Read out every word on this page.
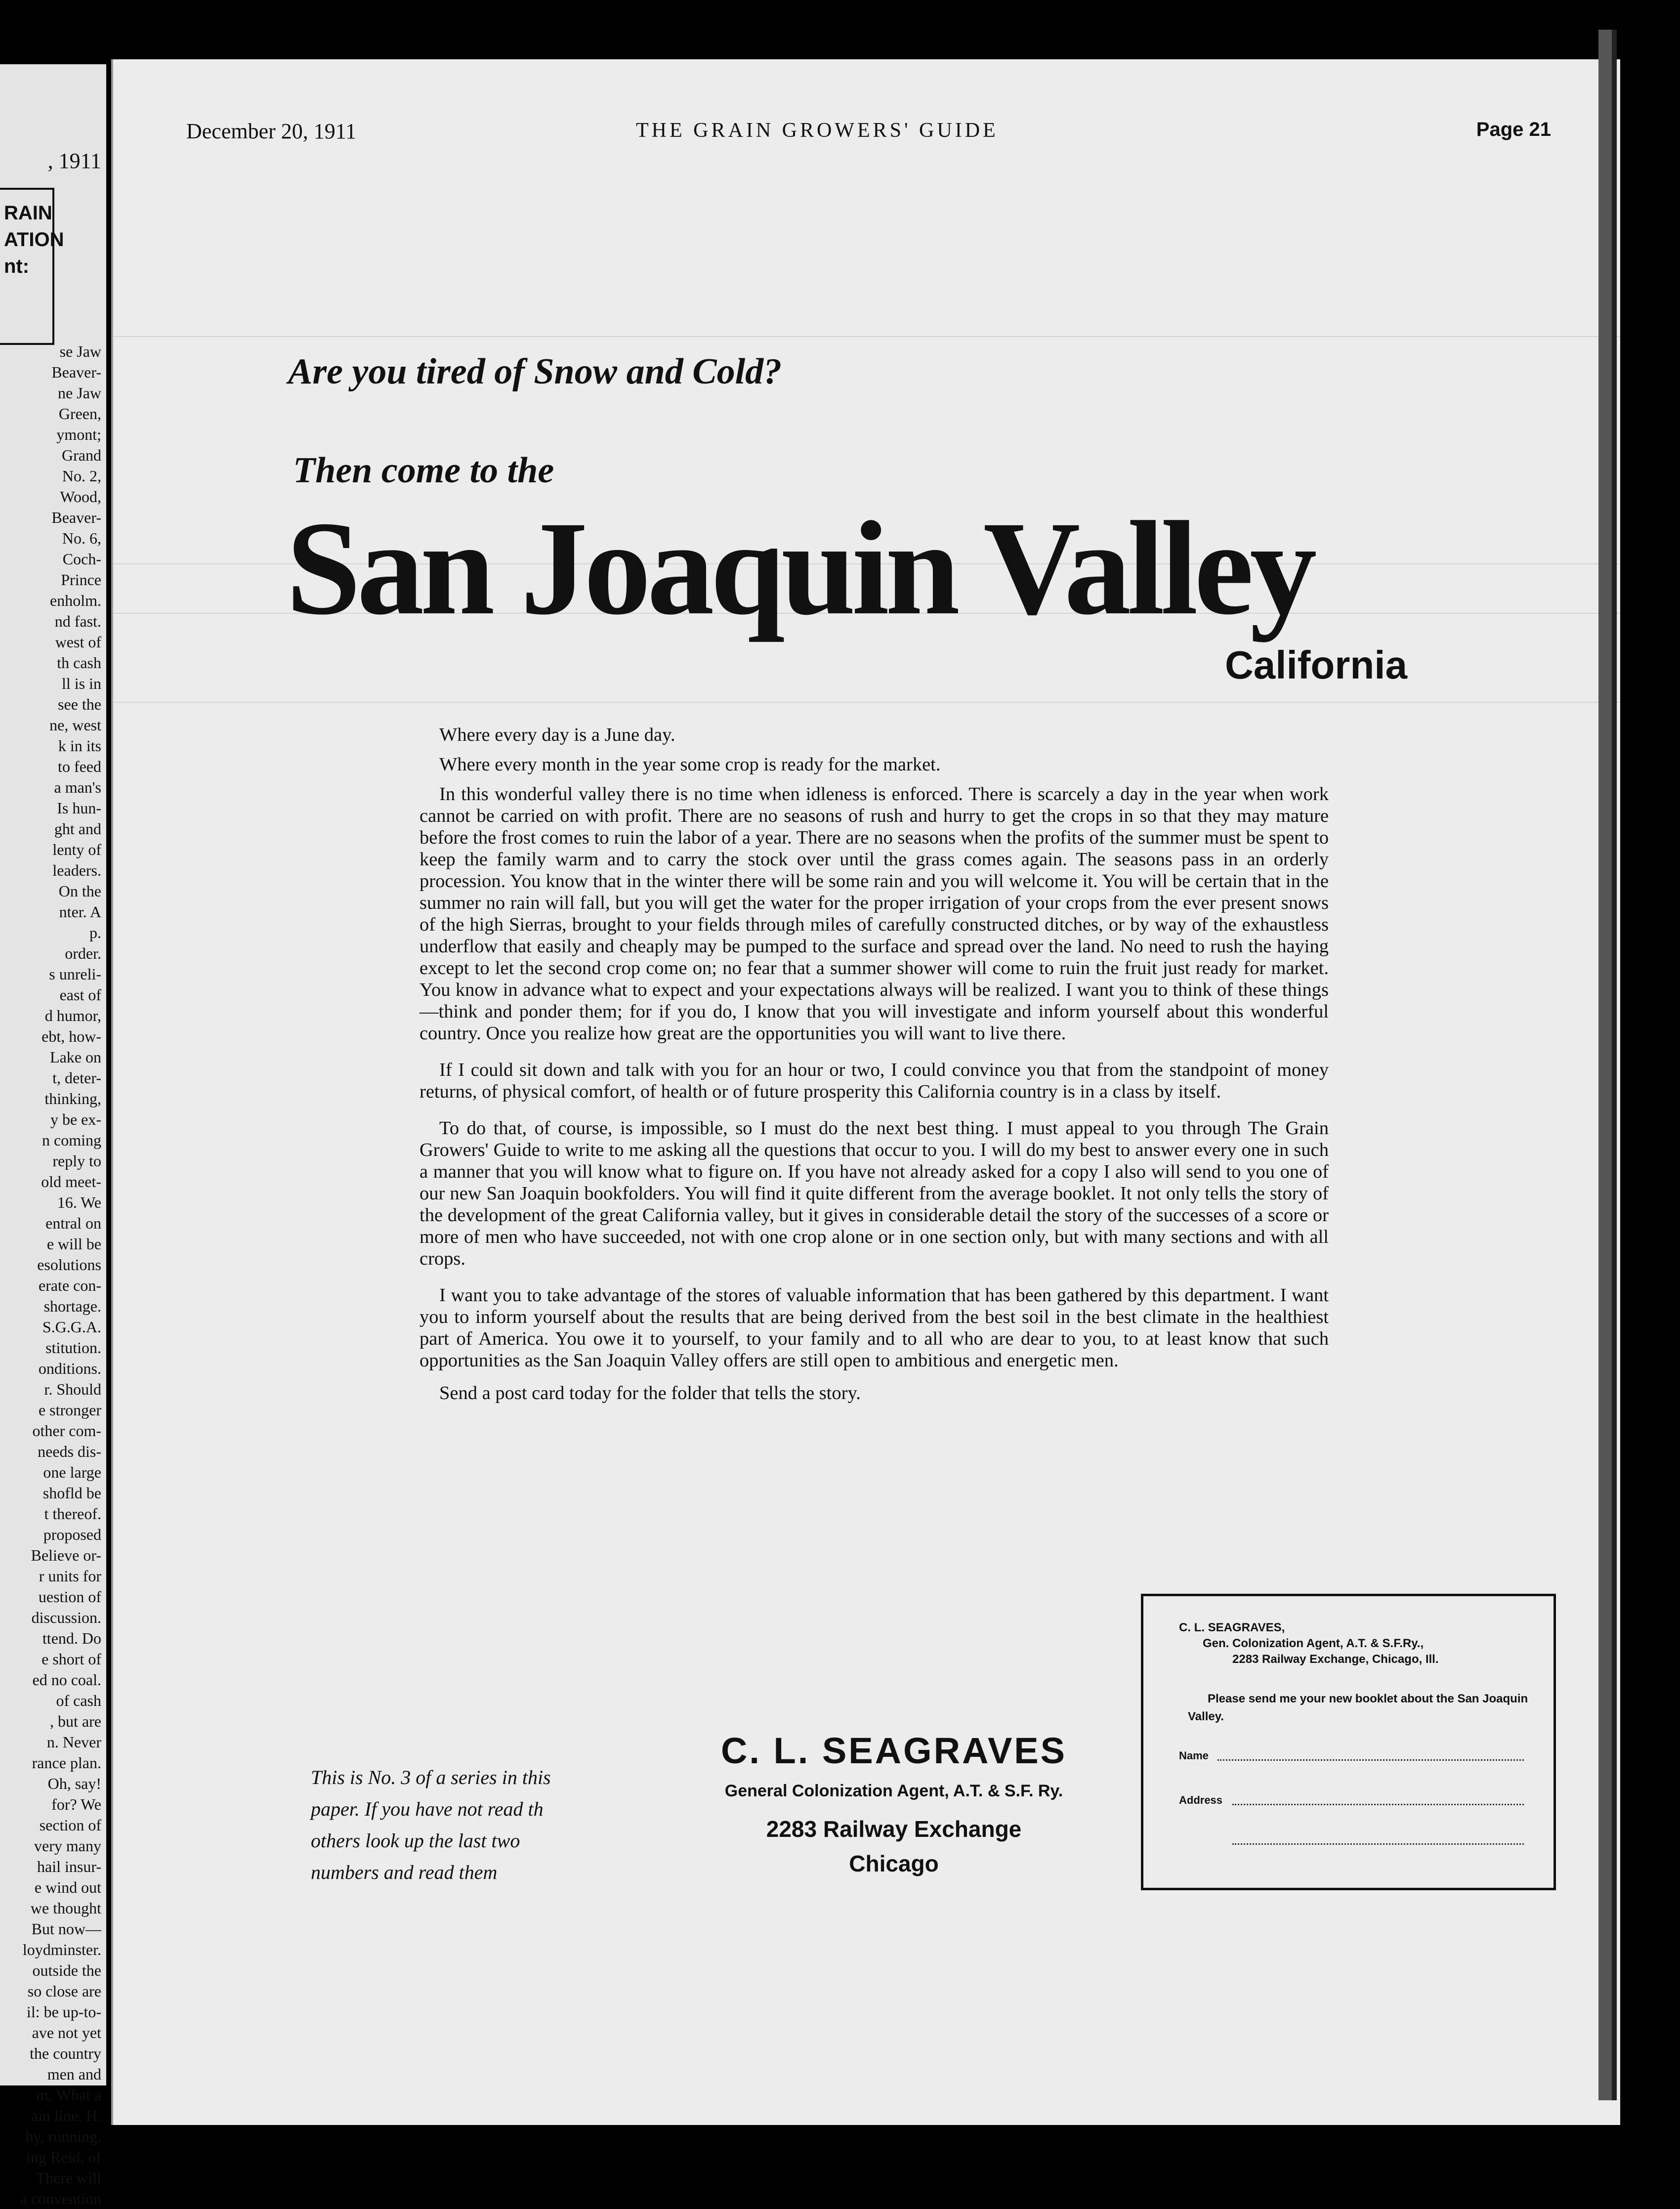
, 1911
RAIN
ATION
nt:
se Jaw
Beaver-
ne Jaw
Green,
ymont;
Grand
No. 2,
Wood,
Beaver-
No. 6,
Coch-
Prince
enholm.
nd fast.
west of
th cash
ll is in
see the
ne, west
k in its
to feed
a man's
Is hun-
ght and
lenty of
leaders.
On the
nter. A
p.
order.
s unreli-
east of
d humor,
ebt, how-
Lake on
t, deter-
thinking,
y be ex-
n coming
reply to
old meet-
16. We
entral on
e will be
esolutions
erate con-
shortage.
S.G.G.A.
stitution.
onditions.
r. Should
e stronger
other com-
needs dis-
one large
shofld be
t thereof.
proposed
Believe or-
r units for
uestion of
discussion.
ttend. Do
e short of
ed no coal.
of cash
, but are
n. Never
rance plan.
Oh, say!
for? We
section of
very many
hail insur-
e wind out
we thought
But now—
loydminster.
outside the
so close are
il: be up-to-
ave not yet
the country
men and
m. What a
ain line. H.
hy, running,
ing Reid, of
There will
a convention
December 20, 1911	THE GRAIN GROWERS' GUIDE	Page 21
Are you tired of Snow and Cold?
Then come to the
San Joaquin Valley
California

Where every day is a June day.

Where every month in the year some crop is ready for the market.

In this wonderful valley there is no time when idleness is enforced. There is scarcely a day in the year when work cannot be carried on with profit. There are no seasons of rush and hurry to get the crops in so that they may mature before the frost comes to ruin the labor of a year. There are no seasons when the profits of the summer must be spent to keep the family warm and to carry the stock over until the grass comes again. The seasons pass in an orderly procession. You know that in the winter there will be some rain and you will welcome it. You will be certain that in the summer no rain will fall, but you will get the water for the proper irrigation of your crops from the ever present snows of the high Sierras, brought to your fields through miles of carefully constructed ditches, or by way of the exhaustless underflow that easily and cheaply may be pumped to the surface and spread over the land. No need to rush the haying except to let the second crop come on; no fear that a summer shower will come to ruin the fruit just ready for market. You know in advance what to expect and your expectations always will be realized. I want you to think of these things—think and ponder them; for if you do, I know that you will investigate and inform yourself about this wonderful country. Once you realize how great are the opportunities you will want to live there.

If I could sit down and talk with you for an hour or two, I could convince you that from the standpoint of money returns, of physical comfort, of health or of future prosperity this California country is in a class by itself.

To do that, of course, is impossible, so I must do the next best thing. I must appeal to you through The Grain Growers' Guide to write to me asking all the questions that occur to you. I will do my best to answer every one in such a manner that you will know what to figure on. If you have not already asked for a copy I also will send to you one of our new San Joaquin bookfolders. You will find it quite different from the average booklet. It not only tells the story of the development of the great California valley, but it gives in considerable detail the story of the successes of a score or more of men who have succeeded, not with one crop alone or in one section only, but with many sections and with all crops.

I want you to take advantage of the stores of valuable information that has been gathered by this department. I want you to inform yourself about the results that are being derived from the best soil in the best climate in the healthiest part of America. You owe it to yourself, to your family and to all who are dear to you, to at least know that such opportunities as the San Joaquin Valley offers are still open to ambitious and energetic men.

Send a post card today for the folder that tells the story.

This is No. 3 of a series in this paper. If you have not read th others look up the last two numbers and read them
C. L. SEAGRAVES
General Colonization Agent, A.T. & S.F. Ry.
2283 Railway Exchange
Chicago
C. L. SEAGRAVES,
Gen. Colonization Agent, A.T. & S.F.Ry.,
2283 Railway Exchange, Chicago, Ill.
Please send me your new booklet about the San Joaquin Valley.
Name
Address
